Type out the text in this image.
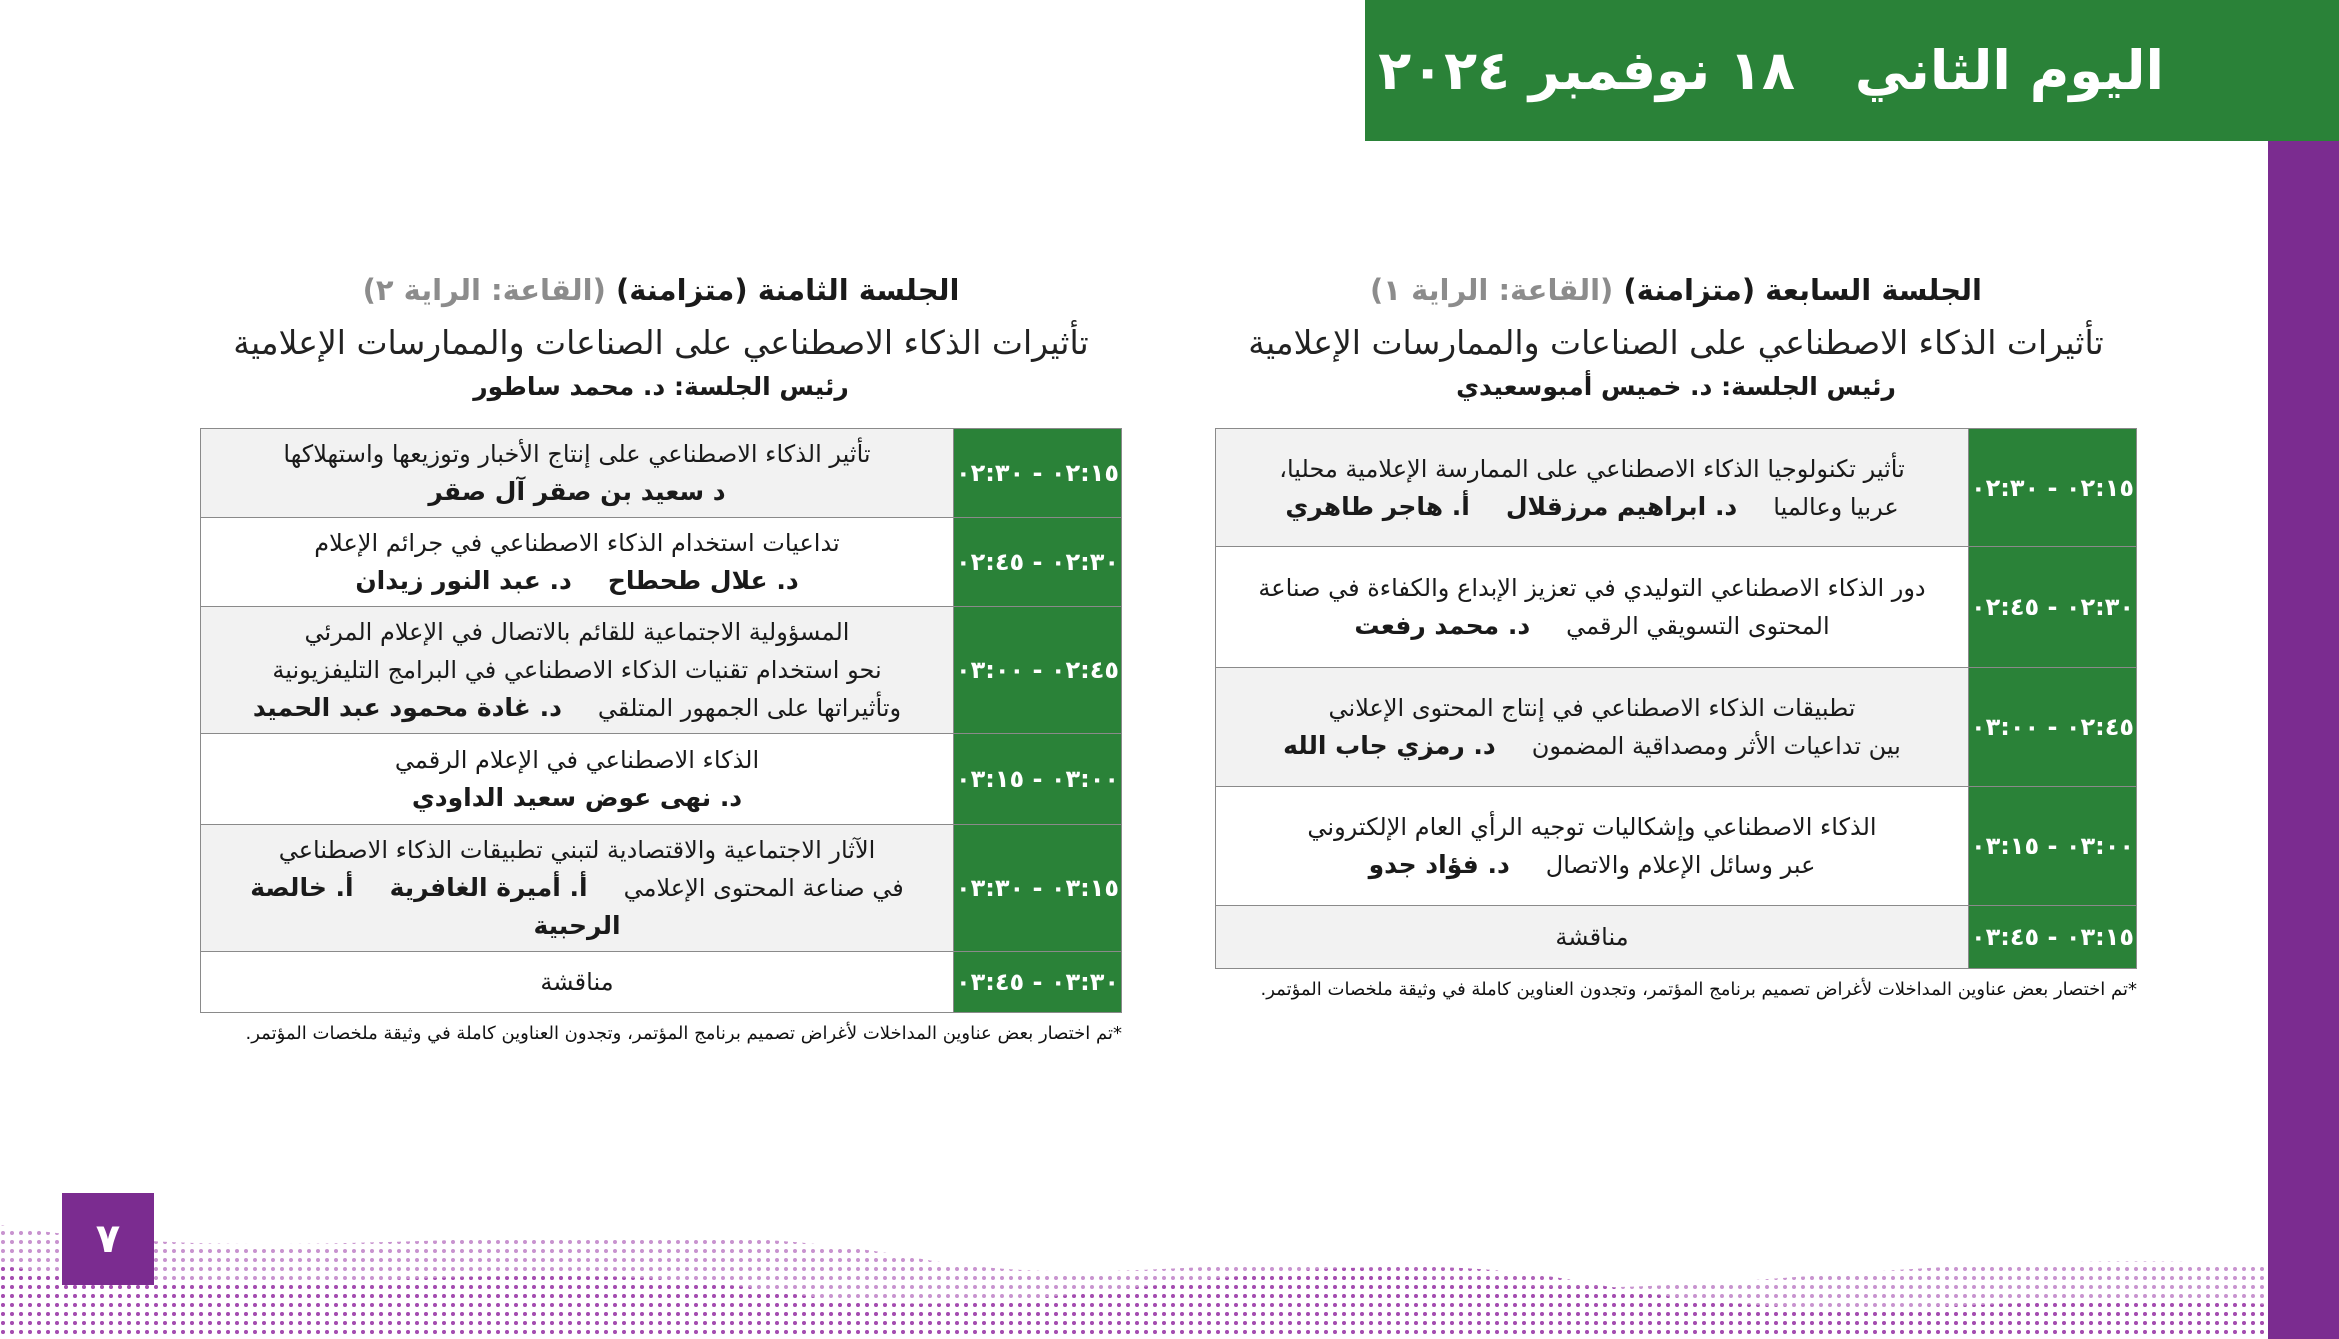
اليوم الثاني
١٨ نوفمبر ٢٠٢٤
الجلسة السابعة (متزامنة) (القاعة: الراية ١)
تأثيرات الذكاء الاصطناعي على الصناعات والممارسات الإعلامية
رئيس الجلسة: د. خميس أمبوسعيدي
٠٢:١٥ - ٠٢:٣٠	تأثير تكنولوجيا الذكاء الاصطناعي على الممارسة الإعلامية محليا،
عربيا وعالمياد. ابراهيم مرزقلالأ. هاجر طاهري

٠٢:٣٠ - ٠٢:٤٥	دور الذكاء الاصطناعي التوليدي في تعزيز الإبداع والكفاءة في صناعة
المحتوى التسويقي الرقميد. محمد رفعت

٠٢:٤٥ - ٠٣:٠٠	تطبيقات الذكاء الاصطناعي في إنتاج المحتوى الإعلاني
بين تداعيات الأثر ومصداقية المضموند. رمزي جاب الله

٠٣:٠٠ - ٠٣:١٥	الذكاء الاصطناعي وإشكاليات توجيه الرأي العام الإلكتروني
عبر وسائل الإعلام والاتصالد. فؤاد جدو

٠٣:١٥ - ٠٣:٤٥	مناقشة
*تم اختصار بعض عناوين المداخلات لأغراض تصميم برنامج المؤتمر، وتجدون العناوين كاملة في وثيقة ملخصات المؤتمر.
الجلسة الثامنة (متزامنة) (القاعة: الراية ٢)
تأثيرات الذكاء الاصطناعي على الصناعات والممارسات الإعلامية
رئيس الجلسة: د. محمد ساطور
٠٢:١٥ - ٠٢:٣٠	تأثير الذكاء الاصطناعي على إنتاج الأخبار وتوزيعها واستهلاكها
د سعيد بن صقر آل صقر

٠٢:٣٠ - ٠٢:٤٥	تداعيات استخدام الذكاء الاصطناعي في جرائم الإعلام
د. علال طحطاحد. عبد النور زيدان

٠٢:٤٥ - ٠٣:٠٠	المسؤولية الاجتماعية للقائم بالاتصال في الإعلام المرئي
نحو استخدام تقنيات الذكاء الاصطناعي في البرامج التليفزيونية
وتأثيراتها على الجمهور المتلقيد. غادة محمود عبد الحميد

٠٣:٠٠ - ٠٣:١٥	الذكاء الاصطناعي في الإعلام الرقمي
د. نهى عوض سعيد الداودي

٠٣:١٥ - ٠٣:٣٠	الآثار الاجتماعية والاقتصادية لتبني تطبيقات الذكاء الاصطناعي
في صناعة المحتوى الإعلاميأ. أميرة الغافريةأ. خالصة الرحبية

٠٣:٣٠ - ٠٣:٤٥	مناقشة
*تم اختصار بعض عناوين المداخلات لأغراض تصميم برنامج المؤتمر، وتجدون العناوين كاملة في وثيقة ملخصات المؤتمر.
٧
